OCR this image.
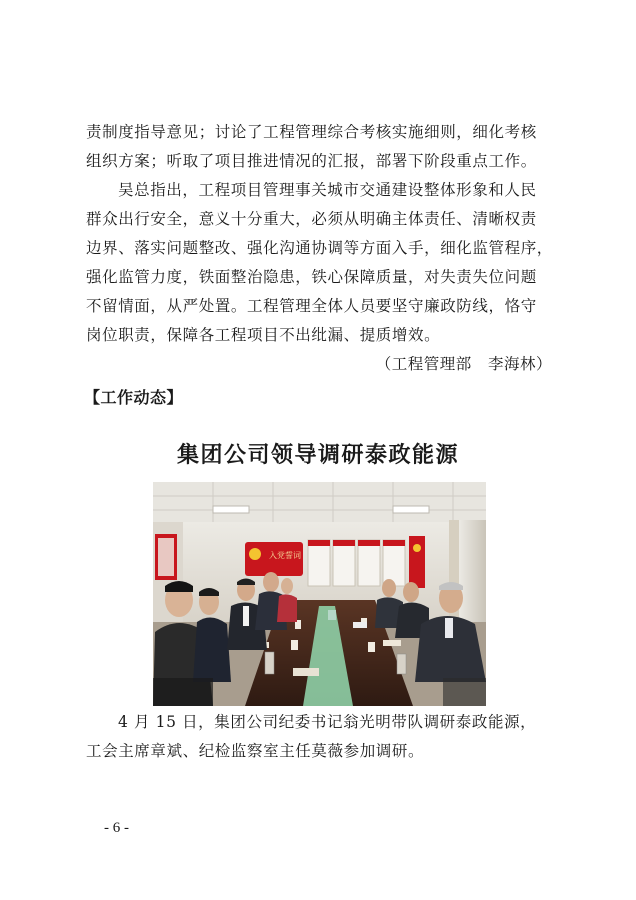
责制度指导意见；讨论了工程管理综合考核实施细则，细化考核
组织方案；听取了项目推进情况的汇报，部署下阶段重点工作。
吴总指出，工程项目管理事关城市交通建设整体形象和人民
群众出行安全，意义十分重大，必须从明确主体责任、清晰权责
边界、落实问题整改、强化沟通协调等方面入手，细化监管程序，
强化监管力度，铁面整治隐患，铁心保障质量，对失责失位问题
不留情面，从严处置。工程管理全体人员要坚守廉政防线，恪守
岗位职责，保障各工程项目不出纰漏、提质增效。
（工程管理部   李海林）
【工作动态】
集团公司领导调研泰政能源
入党誓词
4 月 15 日，集团公司纪委书记翁光明带队调研泰政能源，
工会主席章斌、纪检监察室主任莫薇参加调研。
- 6 -
